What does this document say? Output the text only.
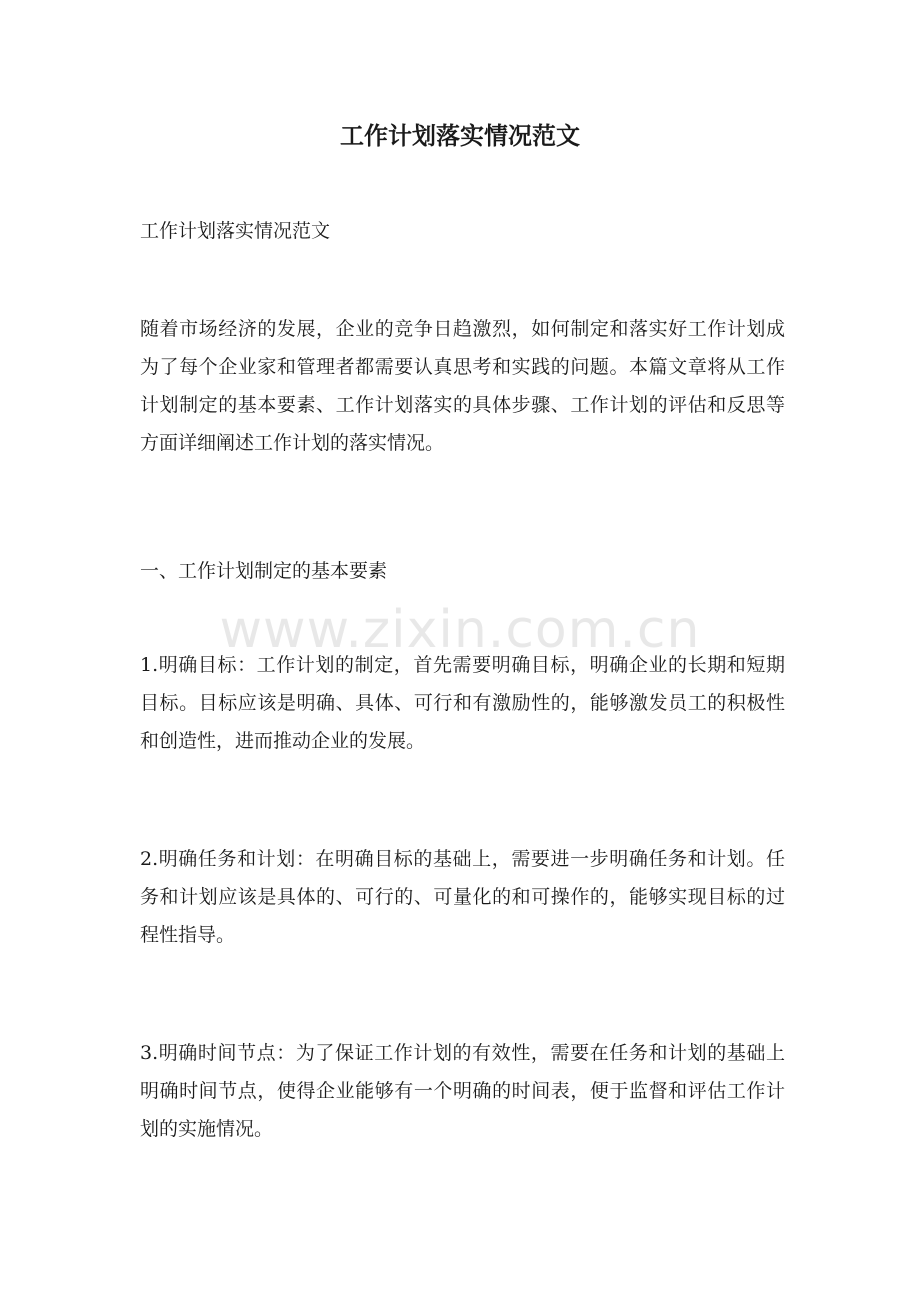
工作计划落实情况范文

工作计划落实情况范文

随着市场经济的发展，企业的竞争日趋激烈，如何制定和落实好工作计划成为了每个企业家和管理者都需要认真思考和实践的问题。本篇文章将从工作计划制定的基本要素、工作计划落实的具体步骤、工作计划的评估和反思等方面详细阐述工作计划的落实情况。

一、工作计划制定的基本要素

1.明确目标：工作计划的制定，首先需要明确目标，明确企业的长期和短期目标。目标应该是明确、具体、可行和有激励性的，能够激发员工的积极性和创造性，进而推动企业的发展。

2.明确任务和计划：在明确目标的基础上，需要进一步明确任务和计划。任务和计划应该是具体的、可行的、可量化的和可操作的，能够实现目标的过程性指导。

3.明确时间节点：为了保证工作计划的有效性，需要在任务和计划的基础上明确时间节点，使得企业能够有一个明确的时间表，便于监督和评估工作计划的实施情况。

www.zixin.com.cn
